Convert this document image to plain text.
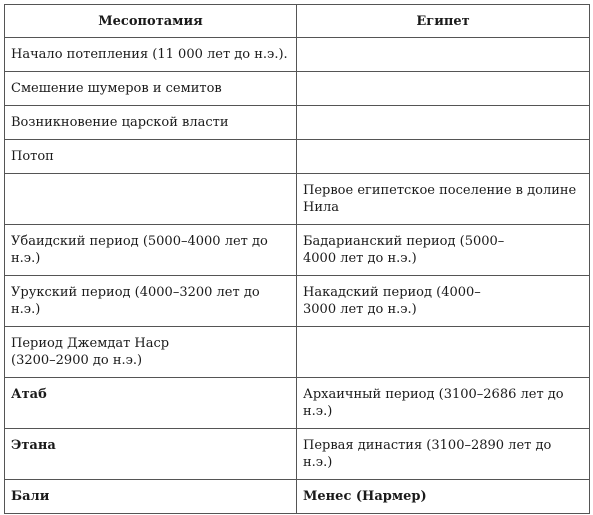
Месопотамия	Египет

Начало потепления (11 000 лет до н.э.).	

Смешение шумеров и семитов	

Возникновение царской власти	

Потоп	

	Первое египетское поселение в долине Нила

Убаидский период (5000–4000 лет до н.э.)	Бадарианский период (5000–
4000 лет до н.э.)

Урукский период (4000–3200 лет до н.э.)	Накадский период (4000–
3000 лет до н.э.)

Период Джемдат Наср
(3200–2900 до н.э.)	

Атаб	Архаичный период (3100–2686 лет до н.э.)

Этана	Первая династия (3100–2890 лет до н.э.)

Бали	Менес (Нармер)
